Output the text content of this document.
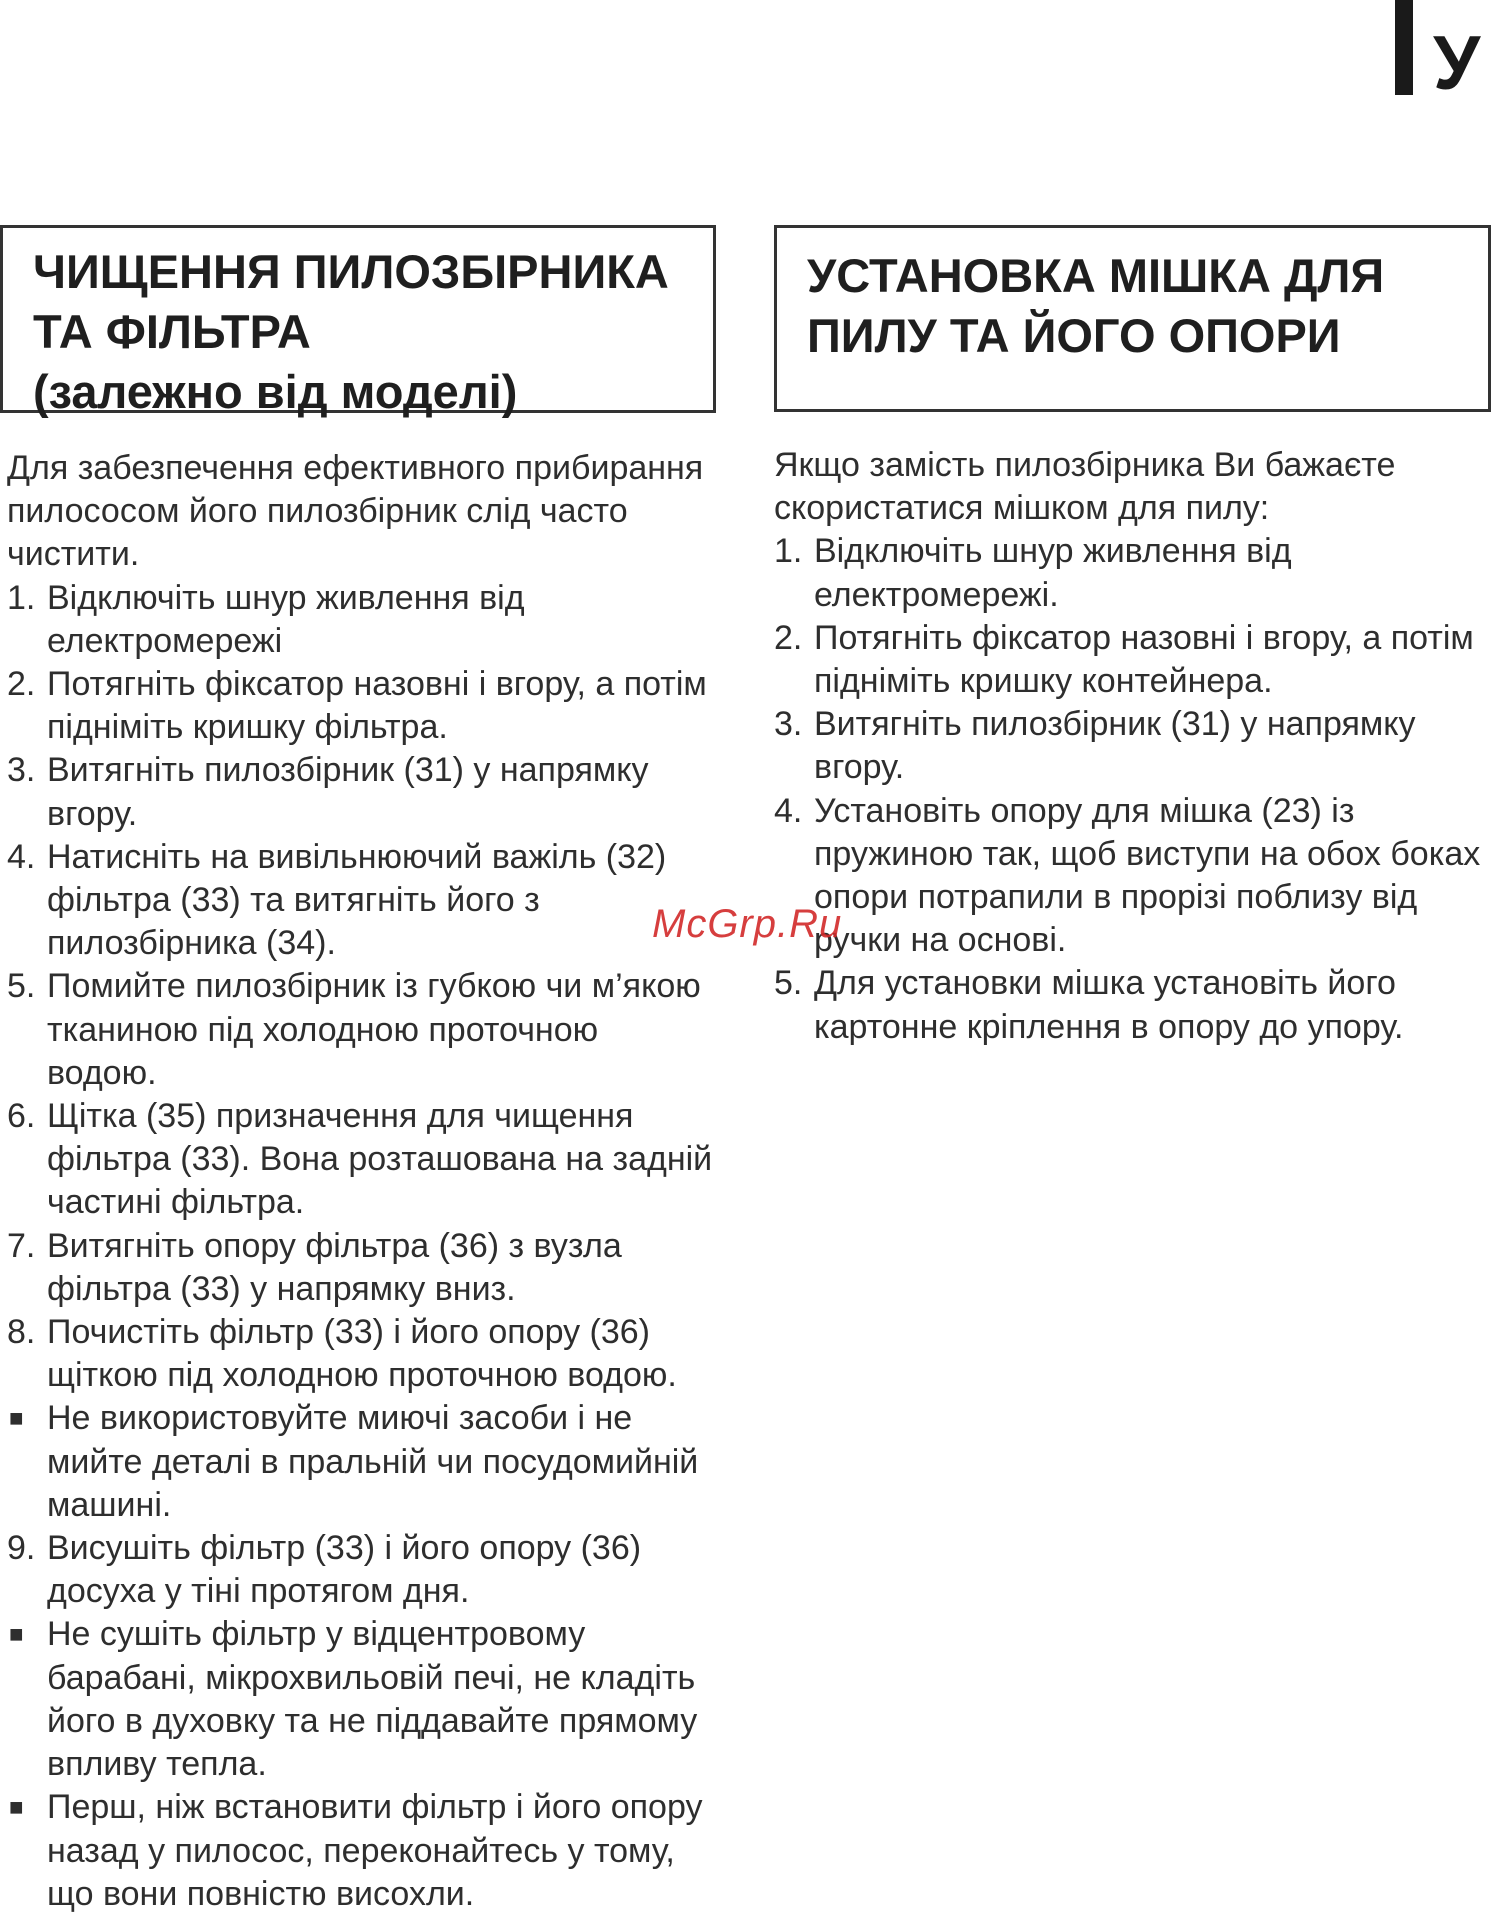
У
ЧИЩЕННЯ ПИЛОЗБІРНИКА
ТА ФІЛЬТРА
(залежно від моделі)

Для забезпечення ефективного прибирання пилососом його пилозбірник слід часто чистити.

1. Відключіть шнур живлення від електромережі
2. Потягніть фіксатор назовні і вгору, а потім підніміть кришку фільтра.
3. Витягніть пилозбірник (31) у напрямку вгору.
4. Натисніть на вивільнюючий важіль (32) фільтра (33) та витягніть його з пилозбірника (34).
5. Помийте пилозбірник із губкою чи м’якою тканиною під холодною проточною водою.
6. Щітка (35) призначення для чищення фільтра (33). Вона розташована на задній частині фільтра.
7. Витягніть опору фільтра (36) з вузла фільтра (33) у напрямку вниз.
8. Почистіть фільтр (33) і його опору (36) щіткою під холодною проточною водою.
■ Не використовуйте миючі засоби і не мийте деталі в пральній чи посудомийній машині.
9. Висушіть фільтр (33) і його опору (36) досуха у тіні протягом дня.
■ Не сушіть фільтр у відцентровому барабані, мікрохвильовій печі, не кладіть його в духовку та не піддавайте прямому впливу тепла.
■ Перш, ніж встановити фільтр і його опору назад у пилосос, переконайтесь у тому, що вони повністю висохли.
УСТАНОВКА МІШКА ДЛЯ
ПИЛУ ТА ЙОГО ОПОРИ

Якщо замість пилозбірника Ви бажаєте скористатися мішком для пилу:

1. Відключіть шнур живлення від електромережі.
2. Потягніть фіксатор назовні і вгору, а потім підніміть кришку контейнера.
3. Витягніть пилозбірник (31) у напрямку вгору.
4. Установіть опору для мішка (23) із пружиною так, щоб виступи на обох боках опори потрапили в прорізі поблизу від ручки на основі.
5. Для установки мішка установіть його картонне кріплення в опору до упору.
McGrp.Ru
